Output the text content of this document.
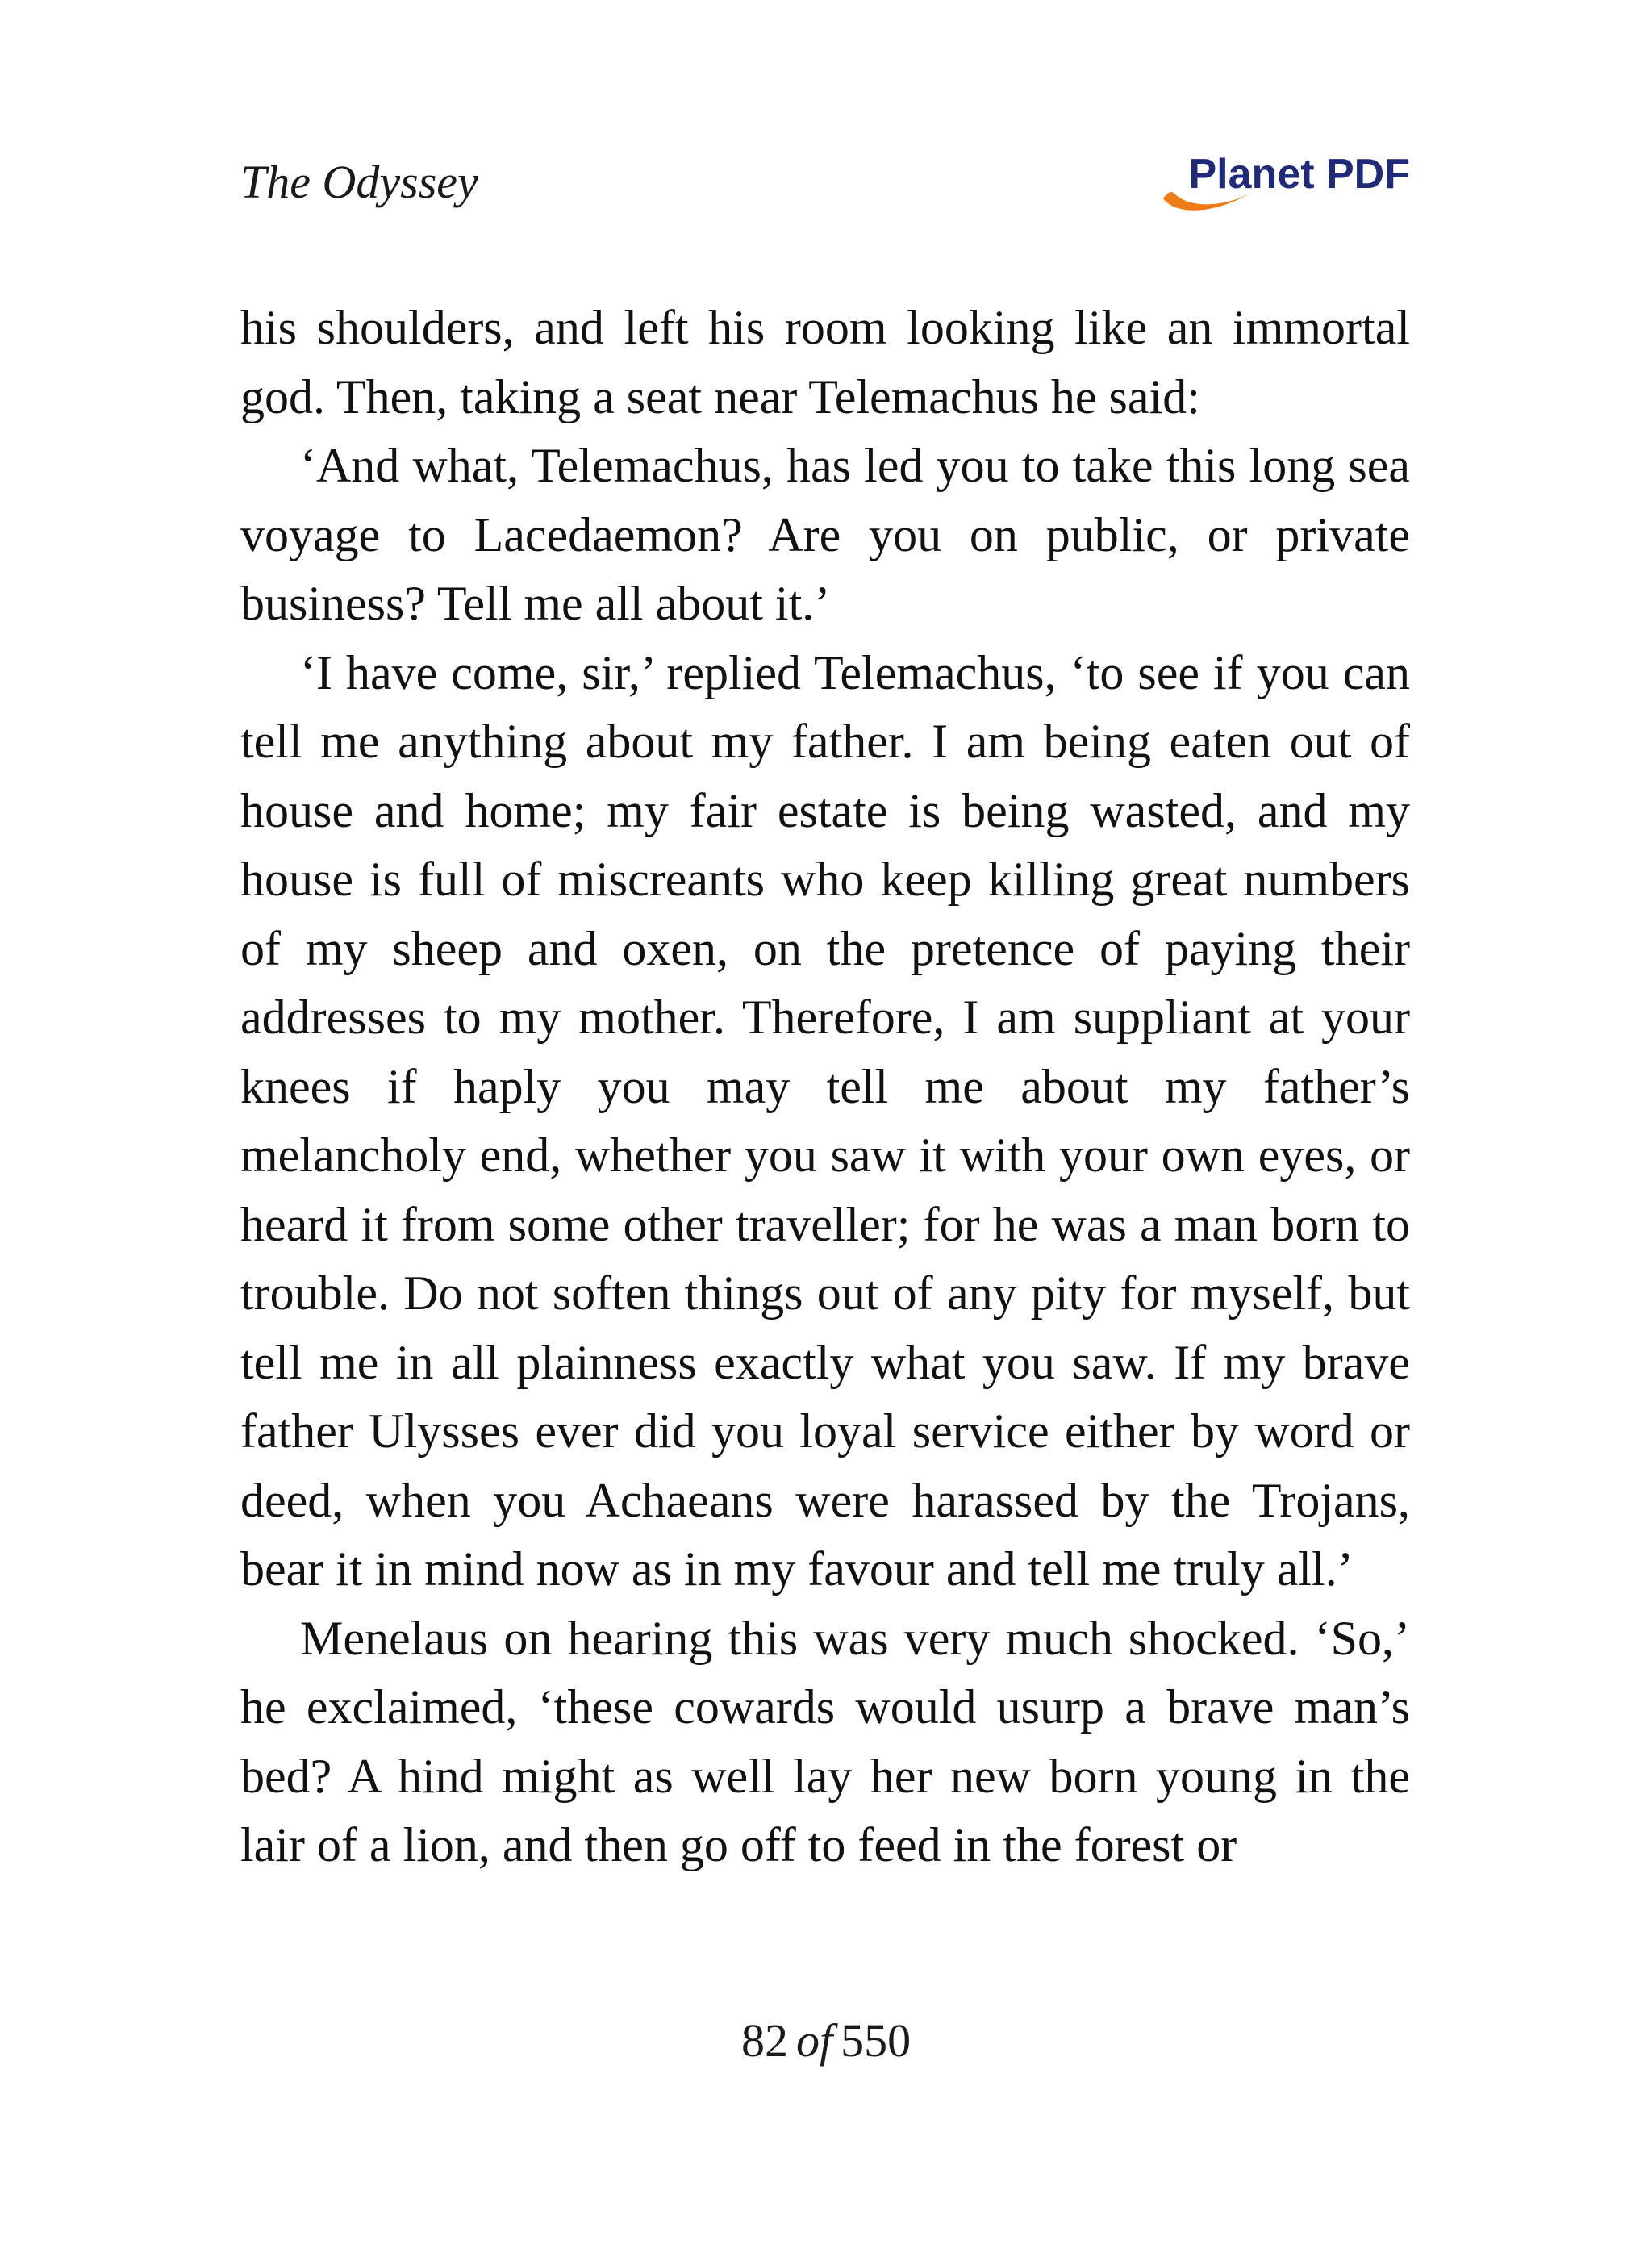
The Odyssey	Planet PDF

his shoulders, and left his room looking like an immortal god. Then, taking a seat near Telemachus he said:

‘And what, Telemachus, has led you to take this long sea voyage to Lacedaemon? Are you on public, or private business? Tell me all about it.’

‘I have come, sir,’ replied Telemachus, ‘to see if you can tell me anything about my father. I am being eaten out of house and home; my fair estate is being wasted, and my house is full of miscreants who keep killing great numbers of my sheep and oxen, on the pretence of paying their addresses to my mother. Therefore, I am suppliant at your knees if haply you may tell me about my father’s melancholy end, whether you saw it with your own eyes, or heard it from some other traveller; for he was a man born to trouble. Do not soften things out of any pity for myself, but tell me in all plainness exactly what you saw. If my brave father Ulysses ever did you loyal service either by word or deed, when you Achaeans were harassed by the Trojans, bear it in mind now as in my favour and tell me truly all.’

Menelaus on hearing this was very much shocked. ‘So,’ he exclaimed, ‘these cowards would usurp a brave man’s bed? A hind might as well lay her new born young in the lair of a lion, and then go off to feed in the forest or

82 of 550
